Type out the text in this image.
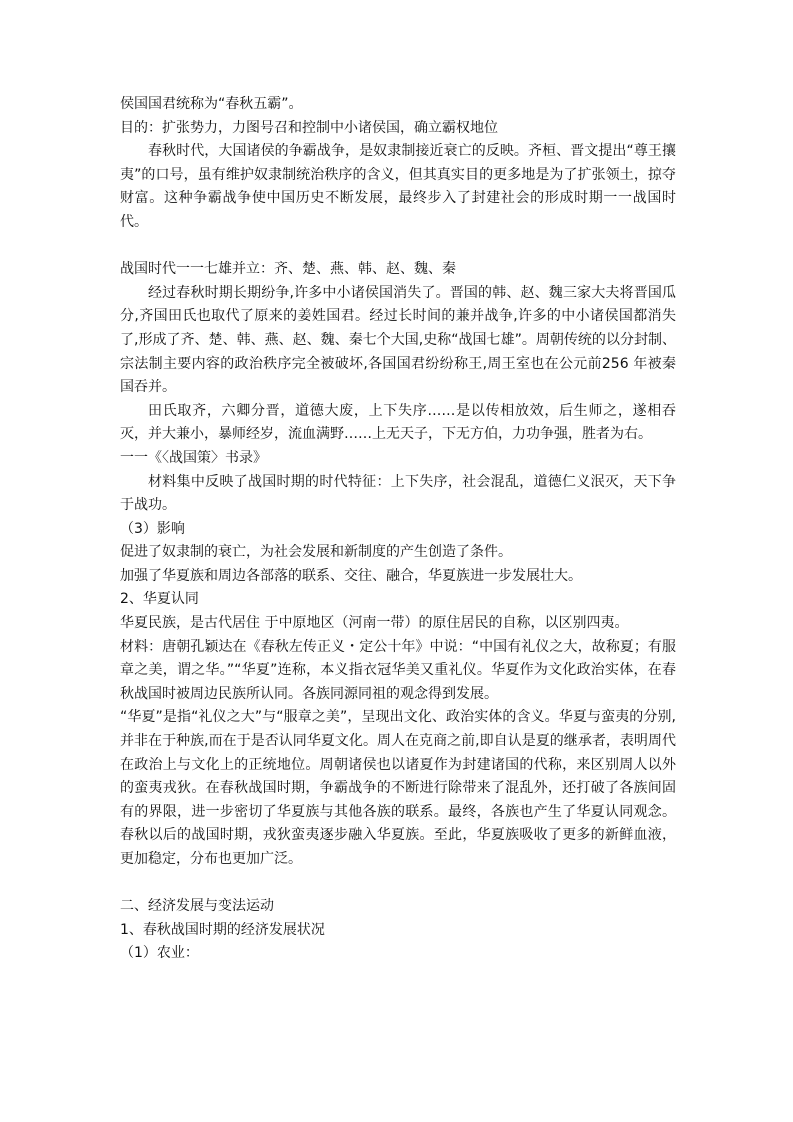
侯国国君统称为“春秋五霸”。

目的：扩张势力，力图号召和控制中小诸侯国，确立霸权地位

春秋时代，大国诸侯的争霸战争，是奴隶制接近衰亡的反映。齐桓、晋文提出“尊王攘夷”的口号，虽有维护奴隶制统治秩序的含义，但其真实目的更多地是为了扩张领土，掠夺财富。这种争霸战争使中国历史不断发展，最终步入了封建社会的形成时期一一战国时代。

战国时代一一七雄并立：齐、楚、燕、韩、赵、魏、秦

经过春秋时期长期纷争,许多中小诸侯国消失了。晋国的韩、赵、魏三家大夫将晋国瓜分,齐国田氏也取代了原来的姜姓国君。经过长时间的兼并战争,许多的中小诸侯国都消失了,形成了齐、楚、韩、燕、赵、魏、秦七个大国,史称“战国七雄”。周朝传统的以分封制、宗法制主要内容的政治秩序完全被破坏,各国国君纷纷称王,周王室也在公元前256 年被秦国吞并。

田氏取齐，六卿分晋，道德大废，上下失序……是以传相放效，后生师之，遂相吞灭，并大兼小，暴师经岁，流血满野……上无天子，下无方伯，力功争强，胜者为右。

一一《〈战国策〉书录》

材料集中反映了战国时期的时代特征：上下失序，社会混乱，道德仁义泯灭，天下争于战功。

（3）影响

促进了奴隶制的衰亡，为社会发展和新制度的产生创造了条件。

加强了华夏族和周边各部落的联系、交往、融合，华夏族进一步发展壮大。

2、华夏认同

华夏民族，是古代居住 于中原地区（河南一带）的原住居民的自称，以区别四夷。

材料：唐朝孔颖达在《春秋左传正义・定公十年》中说：“中国有礼仪之大，故称夏；有服章之美，谓之华。”“华夏”连称，本义指衣冠华美又重礼仪。华夏作为文化政治实体，在春秋战国时被周边民族所认同。各族同源同祖的观念得到发展。

“华夏”是指“礼仪之大”与“服章之美”，呈现出文化、政治实体的含义。华夏与蛮夷的分别,并非在于种族,而在于是否认同华夏文化。周人在克商之前,即自认是夏的继承者，表明周代在政治上与文化上的正统地位。周朝诸侯也以诸夏作为封建诸国的代称，来区别周人以外的蛮夷戎狄。在春秋战国时期，争霸战争的不断进行除带来了混乱外，还打破了各族间固有的界限，进一步密切了华夏族与其他各族的联系。最终，各族也产生了华夏认同观念。春秋以后的战国时期，戎狄蛮夷逐步融入华夏族。至此，华夏族吸收了更多的新鲜血液，更加稳定，分布也更加广泛。

二、经济发展与变法运动

1、春秋战国时期的经济发展状况

（1）农业：
